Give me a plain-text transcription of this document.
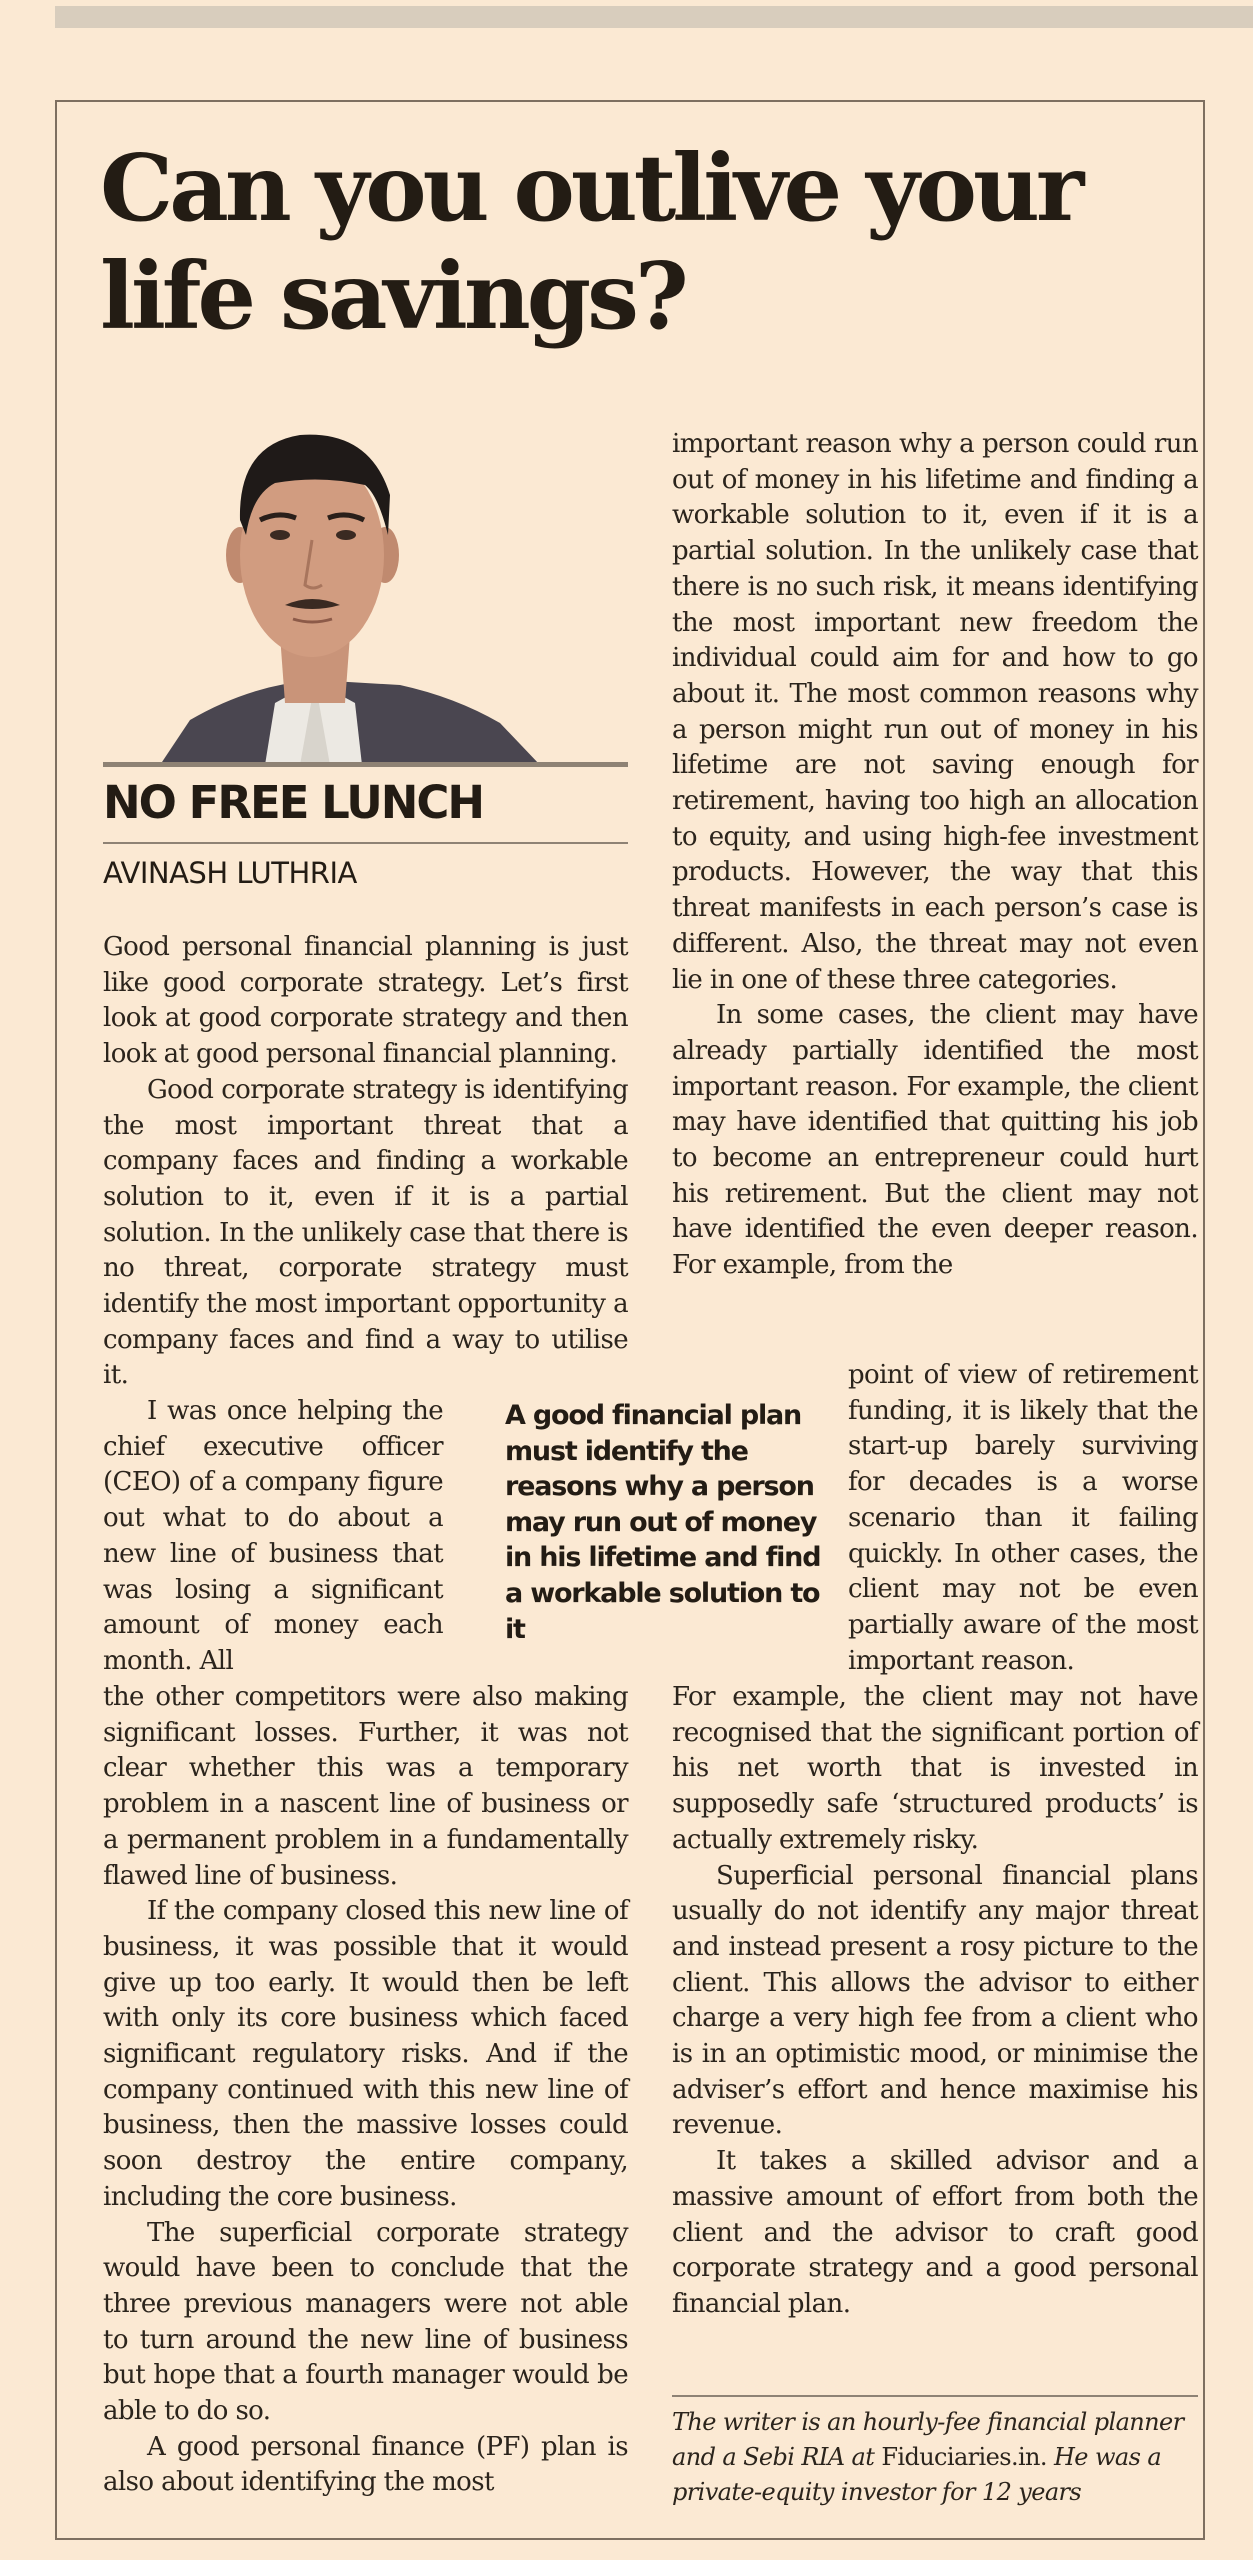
Can you outlive your life savings?
NO FREE LUNCH
AVINASH LUTHRIA

Good personal financial planning is just like good corporate strategy. Let’s first look at good corporate strategy and then look at good personal financial planning.

Good corporate strategy is identifying the most important threat that a company faces and finding a workable solution to it, even if it is a partial solution. In the unlikely case that there is no threat, corporate strategy must identify the most important opportunity a company faces and find a way to utilise it.

I was once helping the chief executive officer (CEO) of a company figure out what to do about a new line of business that was losing a significant amount of money each month. All

A good financial plan must identify the reasons why a person may run out of money in his lifetime and find a workable solution to it

the other competitors were also making significant losses. Further, it was not clear whether this was a temporary problem in a nascent line of business or a permanent problem in a fundamentally flawed line of business.

If the company closed this new line of business, it was possible that it would give up too early. It would then be left with only its core business which faced significant regulatory risks. And if the company continued with this new line of business, then the massive losses could soon destroy the entire company, including the core business.

The superficial corporate strategy would have been to conclude that the three previous managers were not able to turn around the new line of business but hope that a fourth manager would be able to do so.

A good personal finance (PF) plan is also about identifying the most

important reason why a person could run out of money in his lifetime and finding a workable solution to it, even if it is a partial solution. In the unlikely case that there is no such risk, it means identifying the most important new freedom the individual could aim for and how to go about it. The most common reasons why a person might run out of money in his lifetime are not saving enough for retirement, having too high an allocation to equity, and using high-fee investment products. However, the way that this threat manifests in each person’s case is different. Also, the threat may not even lie in one of these three categories.

In some cases, the client may have already partially identified the most important reason. For example, the client may have identified that quitting his job to become an entrepreneur could hurt his retirement. But the client may not have identified the even deeper reason. For example, from the

point of view of retirement funding, it is likely that the start-up barely surviving for decades is a worse scenario than it failing quickly. In other cases, the client may not be even partially aware of the most important reason.

For example, the client may not have recognised that the significant portion of his net worth that is invested in supposedly safe ‘structured products’ is actually extremely risky.

Superficial personal financial plans usually do not identify any major threat and instead present a rosy picture to the client. This allows the advisor to either charge a very high fee from a client who is in an optimistic mood, or minimise the adviser’s effort and hence maximise his revenue.

It takes a skilled advisor and a massive amount of effort from both the client and the advisor to craft good corporate strategy and a good personal financial plan.

The writer is an hourly-fee financial planner and a Sebi RIA at Fiduciaries.in. He was a private-equity investor for 12 years
